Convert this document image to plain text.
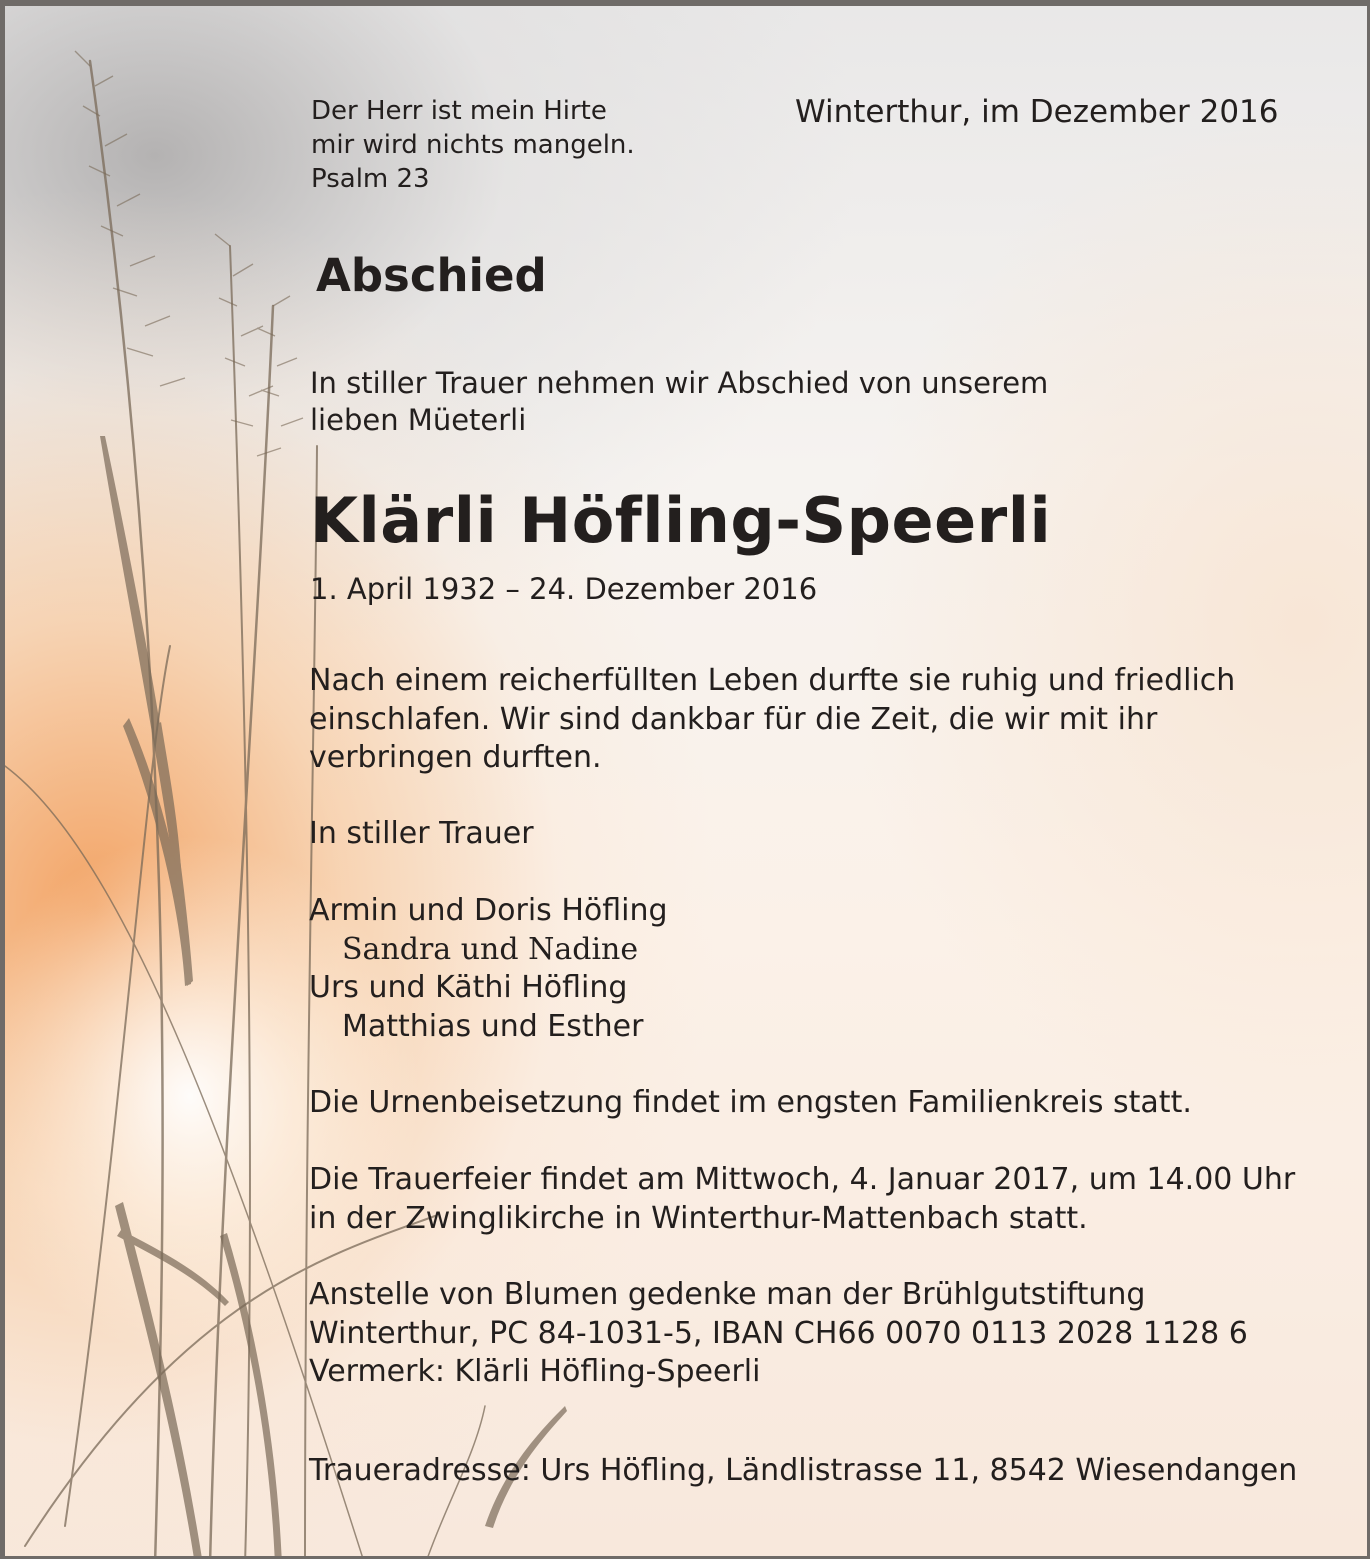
Der Herr ist mein Hirte
mir wird nichts mangeln.
Psalm 23

Winterthur, im Dezember 2016

Abschied

In stiller Trauer nehmen wir Abschied von unserem
lieben Müeterli

Klärli Höfling-Speerli

1. April 1932 – 24. Dezember 2016

Nach einem reicherfüllten Leben durfte sie ruhig und friedlich
einschlafen. Wir sind dankbar für die Zeit, die wir mit ihr
verbringen durften.

In stiller Trauer

Armin und Doris Höfling
Sandra und Nadine
Urs und Käthi Höfling
Matthias und Esther

Die Urnenbeisetzung findet im engsten Familienkreis statt.

Die Trauerfeier findet am Mittwoch, 4. Januar 2017, um 14.00 Uhr
in der Zwinglikirche in Winterthur-Mattenbach statt.

Anstelle von Blumen gedenke man der Brühlgutstiftung
Winterthur, PC 84-1031-5, IBAN CH66 0070 0113 2028 1128 6
Vermerk: Klärli Höfling-Speerli

Traueradresse: Urs Höfling, Ländlistrasse 11, 8542 Wiesendangen
